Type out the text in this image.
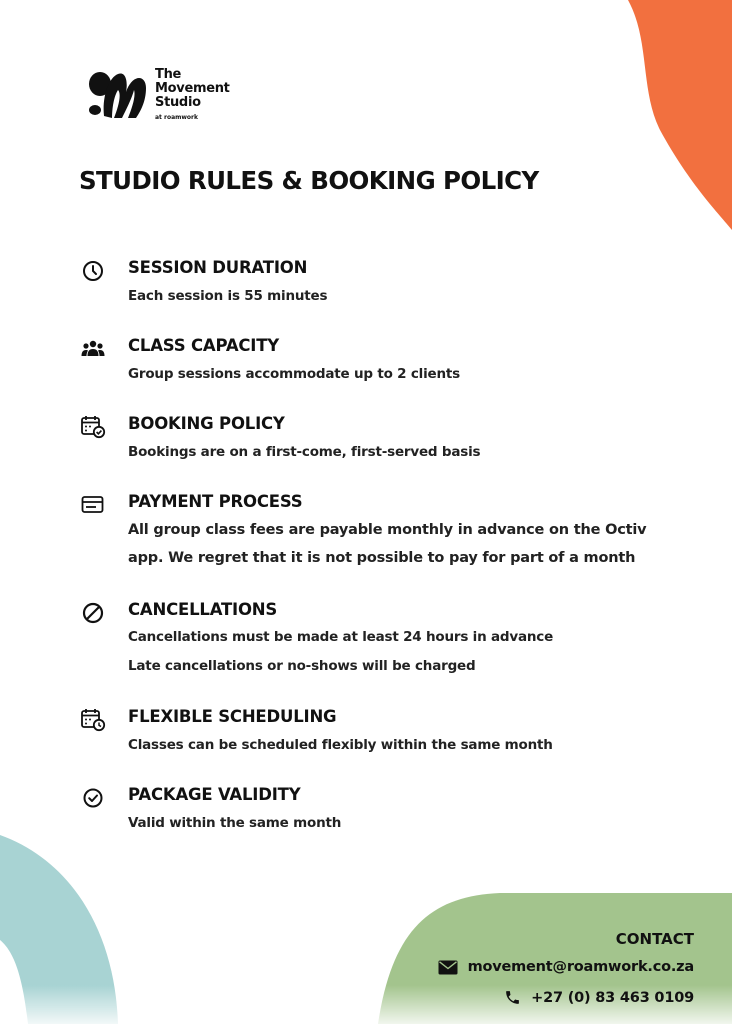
The
Movement
Studio
at roamwork
STUDIO RULES & BOOKING POLICY
SESSION DURATION
Each session is 55 minutes
CLASS CAPACITY
Group sessions accommodate up to 2 clients
BOOKING POLICY
Bookings are on a first-come, first-served basis
PAYMENT PROCESS
All group class fees are payable monthly in advance on the Octiv
app. We regret that it is not possible to pay for part of a month
CANCELLATIONS
Cancellations must be made at least 24 hours in advance
Late cancellations or no-shows will be charged
FLEXIBLE SCHEDULING
Classes can be scheduled flexibly within the same month
PACKAGE VALIDITY
Valid within the same month
CONTACT
movement@roamwork.co.za
+27 (0) 83 463 0109
